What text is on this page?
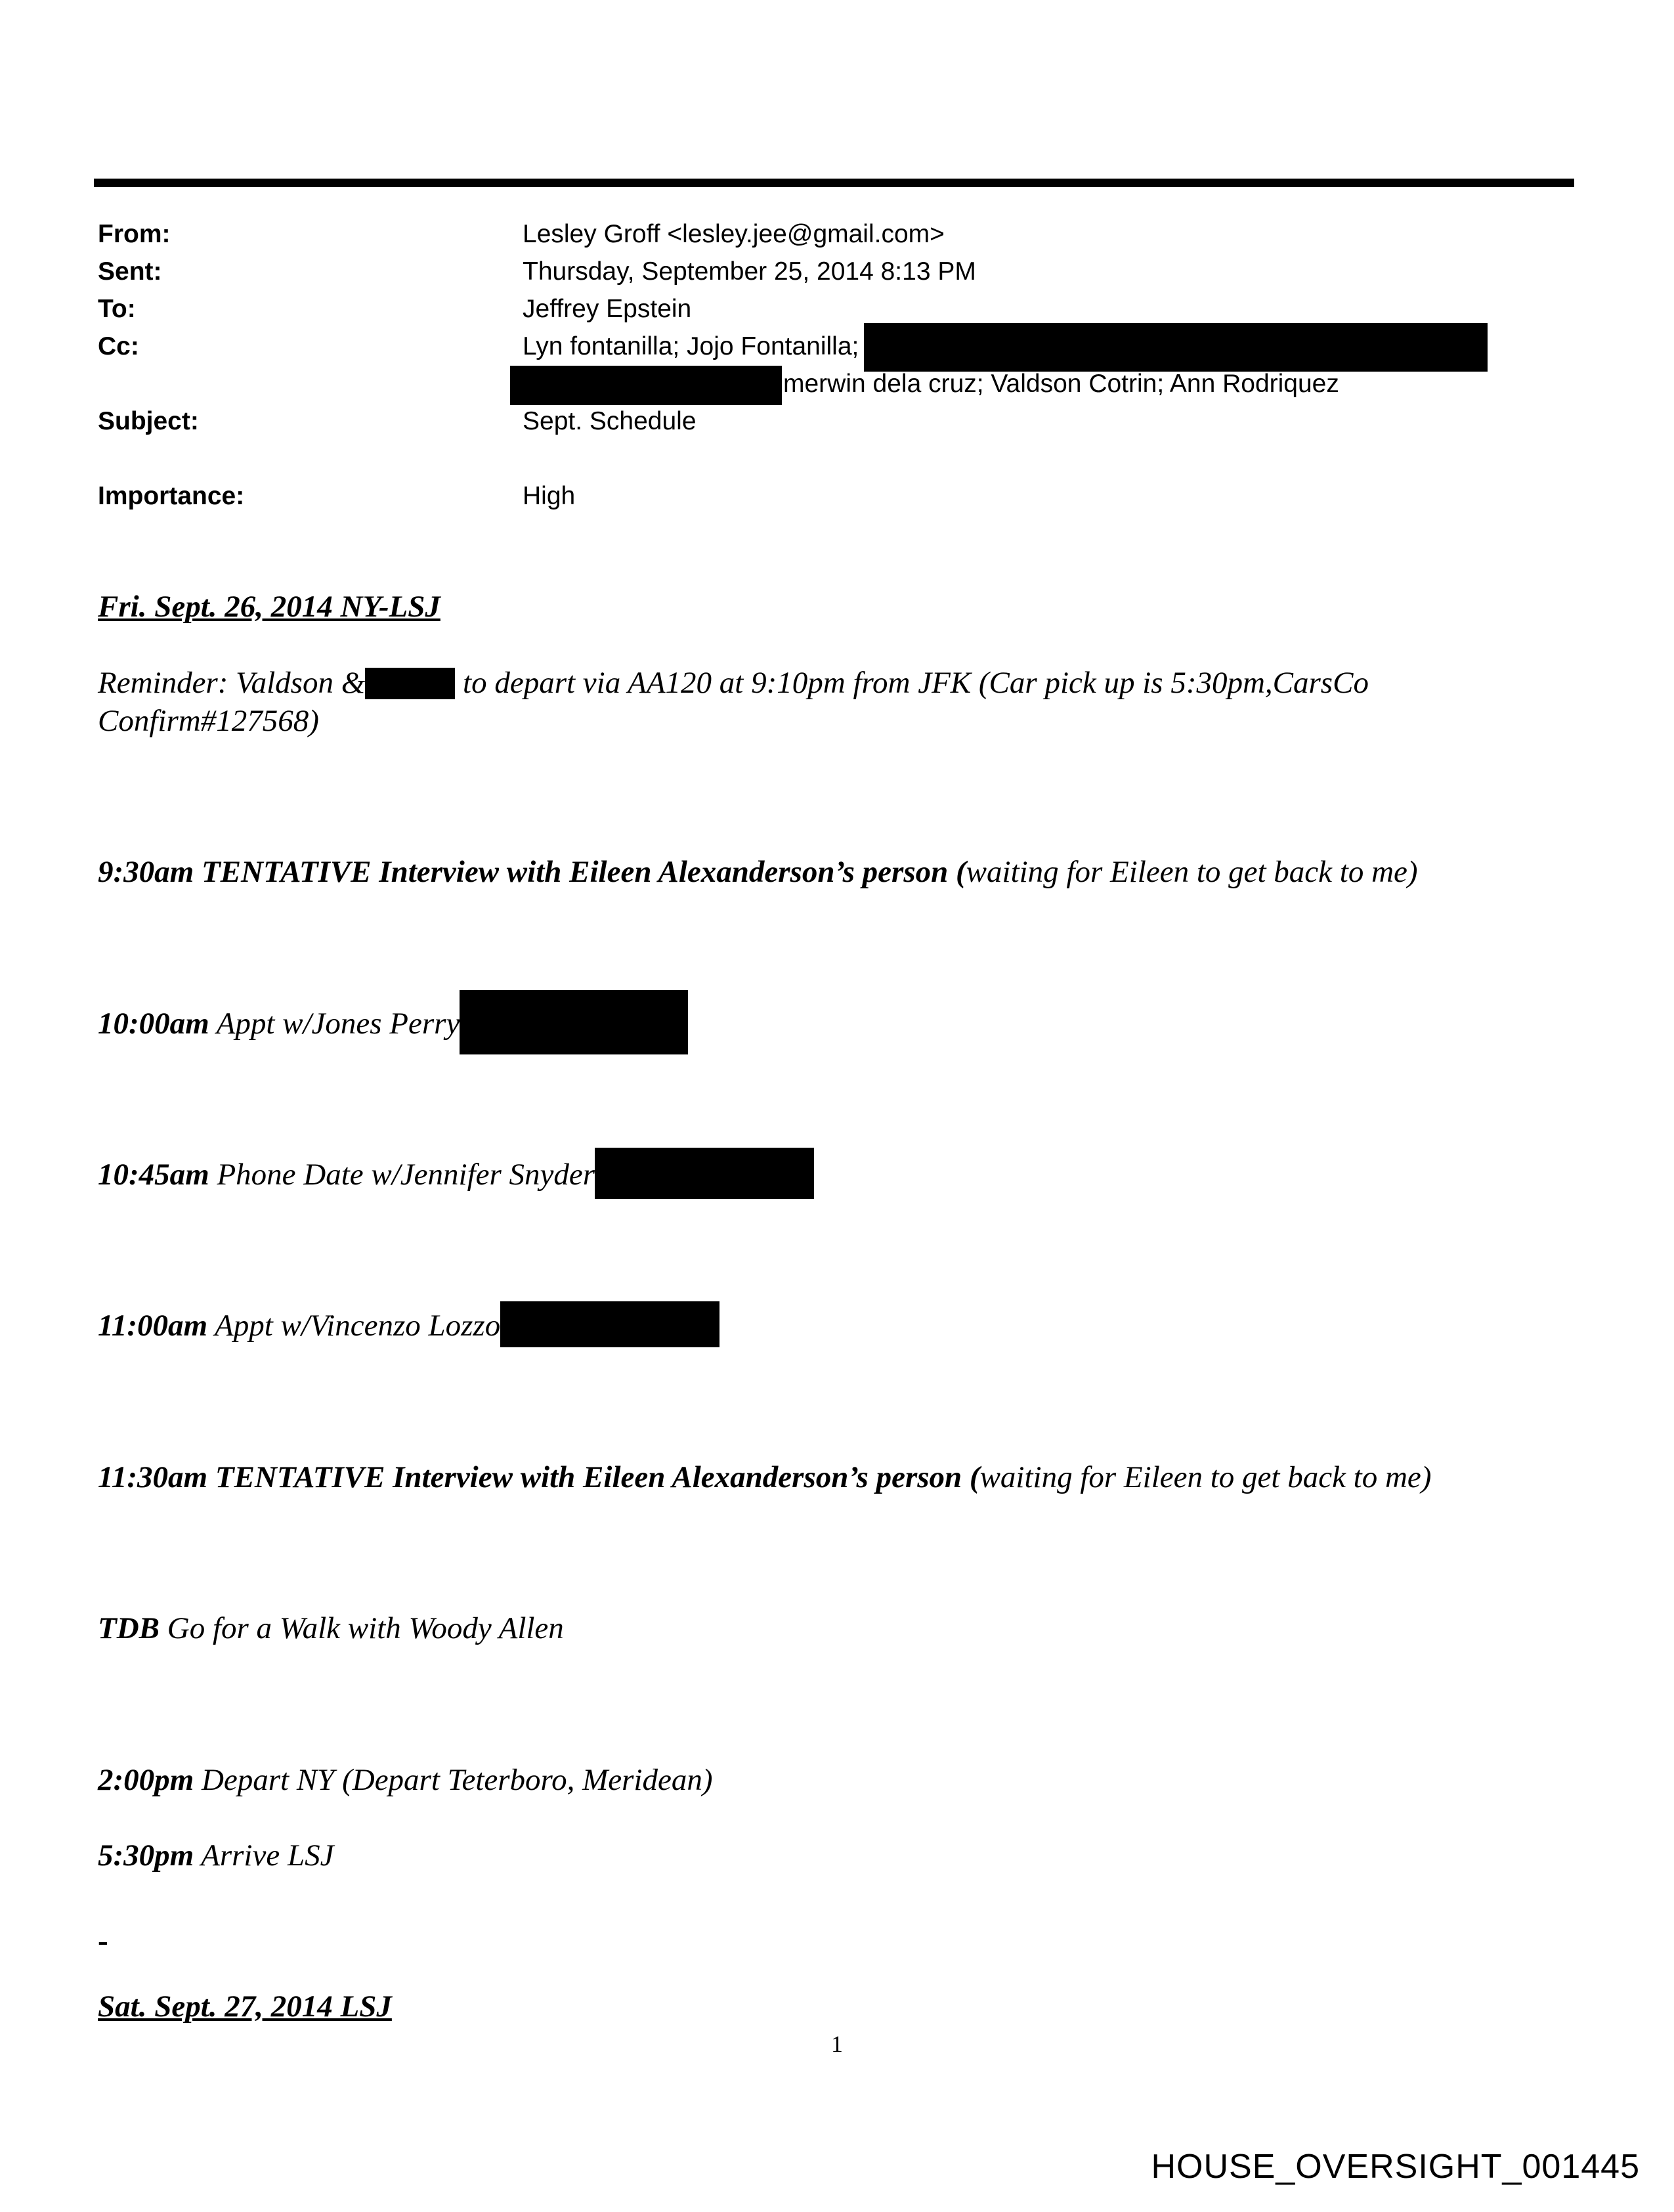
From:	Lesley Groff <lesley.jee@gmail.com>
Sent:	Thursday, September 25, 2014 8:13 PM
To:	Jeffrey Epstein
Cc:	Lyn fontanilla; Jojo Fontanilla;
merwin dela cruz; Valdson Cotrin; Ann Rodriquez
Subject:	Sept. Schedule
Importance:	High
Fri. Sept. 26, 2014 NY-LSJ
Reminder: Valdson &	to depart via AA120 at 9:10pm from JFK (Car pick up is 5:30pm,CarsCo
Confirm#127568)
9:30am TENTATIVE Interview with Eileen Alexanderson’s person (waiting for Eileen to get back to me)
10:00am Appt w/Jones Perry
10:45am Phone Date w/Jennifer Snyder
11:00am Appt w/Vincenzo Lozzo
11:30am TENTATIVE Interview with Eileen Alexanderson’s person (waiting for Eileen to get back to me)
TDB Go for a Walk with Woody Allen
2:00pm Depart NY (Depart Teterboro, Meridean)
5:30pm Arrive LSJ
-
Sat. Sept. 27, 2014 LSJ
1
HOUSE_OVERSIGHT_001445
